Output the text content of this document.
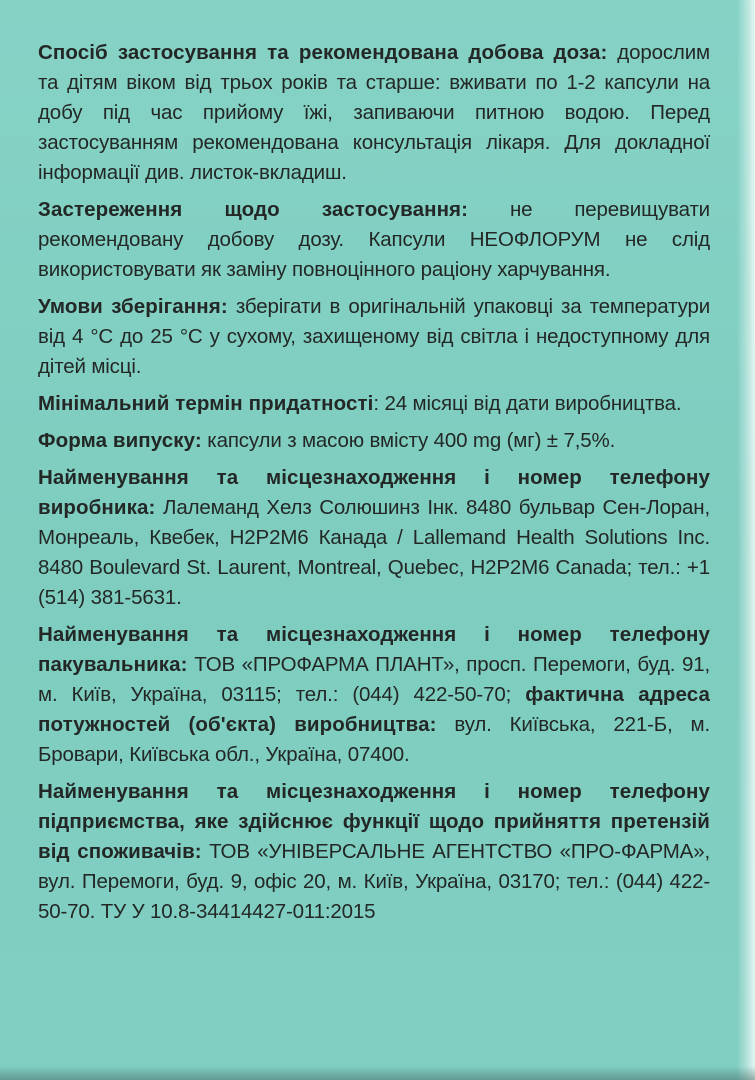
Спосіб застосування та рекомендована добова доза: дорослим та дітям віком від трьох років та старше: вживати по 1-2 капсули на добу під час прийому їжі, запиваючи питною водою. Перед застосуванням рекомендована консультація лікаря. Для докладної інформації див. листок-вкладиш.

Застереження щодо застосування: не перевищувати рекомендовану добову дозу. Капсули НЕОФЛОРУМ не слід використовувати як заміну повноцінного раціону харчування.

Умови зберігання: зберігати в оригінальній упаковці за температури від 4 °С до 25 °С у сухому, захищеному від світла і недоступному для дітей місці.

Мінімальний термін придатності: 24 місяці від дати виробництва.

Форма випуску: капсули з масою вмісту 400 mg (мг) ± 7,5%.

Найменування та місцезнаходження і номер телефону виробника: Лалеманд Хелз Солюшинз Інк. 8480 бульвар Сен-Лоран, Монреаль, Квебек, Н2Р2М6 Канада / Lallemand Health Solutions Inc. 8480 Boulevard St. Laurent, Montreal, Quebec, H2P2M6 Canada; тел.: +1 (514) 381-5631.

Найменування та місцезнаходження і номер телефону пакувальника: ТОВ «ПРОФАРМА ПЛАНТ», просп. Перемоги, буд. 91, м. Київ, Україна, 03115; тел.: (044) 422-50-70; фактична адреса потужностей (об'єкта) виробництва: вул. Київська, 221-Б, м. Бровари, Київська обл., Україна, 07400.

Найменування та місцезнаходження і номер телефону підприємства, яке здійснює функції щодо прийняття претензій від споживачів: ТОВ «УНІВЕРСАЛЬНЕ АГЕНТСТВО «ПРО-ФАРМА», вул. Перемоги, буд. 9, офіс 20, м. Київ, Україна, 03170; тел.: (044) 422-50-70. ТУ У 10.8-34414427-011:2015
